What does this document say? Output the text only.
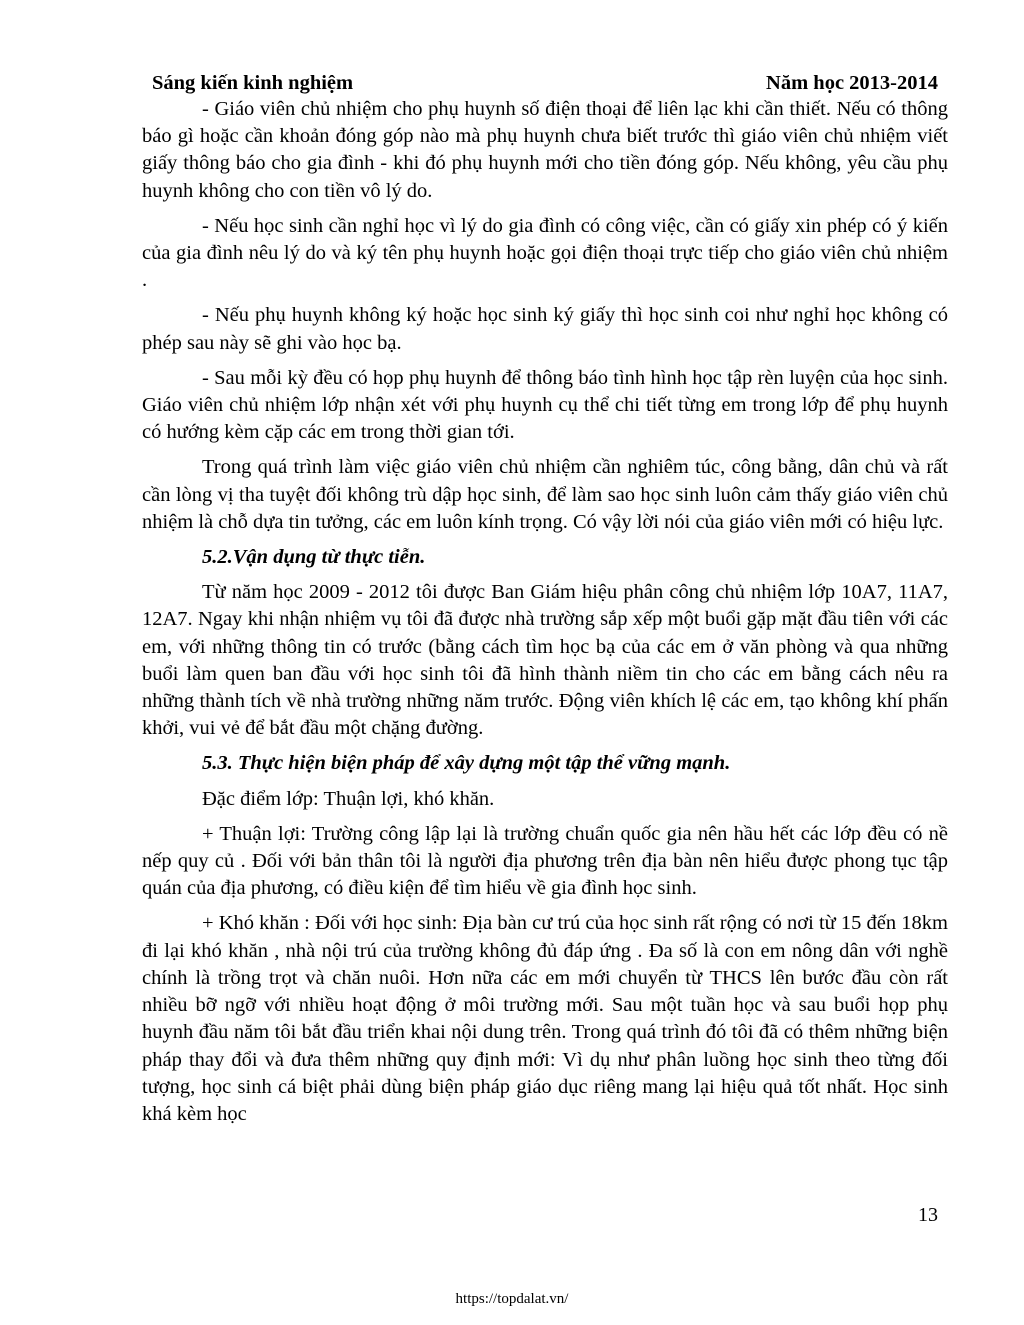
Sáng kiến kinh nghiệm	Năm học 2013-2014

- Giáo viên chủ nhiệm cho phụ huynh số điện thoại để liên lạc khi cần thiết. Nếu có thông báo gì hoặc cần khoản đóng góp nào mà phụ huynh chưa biết trước thì giáo viên chủ nhiệm viết giấy thông báo cho gia đình - khi đó phụ huynh mới cho tiền đóng góp. Nếu không, yêu cầu phụ huynh không cho con tiền vô lý do.

- Nếu học sinh cần nghỉ học vì lý do gia đình có công việc, cần có giấy xin phép có ý kiến của gia đình nêu lý do và ký tên phụ huynh hoặc gọi điện thoại trực tiếp cho giáo viên chủ nhiệm .

- Nếu phụ huynh không ký hoặc học sinh ký giấy thì học sinh coi như nghỉ học không có phép sau này sẽ ghi vào học bạ.

- Sau mỗi kỳ đều có họp phụ huynh để thông báo tình hình học tập rèn luyện của học sinh. Giáo viên chủ nhiệm lớp nhận xét với phụ huynh cụ thể chi tiết từng em trong lớp để phụ huynh có hướng kèm cặp các em trong thời gian tới.

Trong quá trình làm việc giáo viên chủ nhiệm cần nghiêm túc, công bằng, dân chủ và rất cần lòng vị tha tuyệt đối không trù dập học sinh, để làm sao học sinh luôn cảm thấy giáo viên chủ nhiệm là chỗ dựa tin tưởng, các em luôn kính trọng. Có vậy lời nói của giáo viên mới có hiệu lực.

5.2.Vận dụng từ thực tiễn.

Từ năm học 2009 - 2012 tôi được Ban Giám hiệu phân công chủ nhiệm lớp 10A7, 11A7, 12A7. Ngay khi nhận nhiệm vụ tôi đã được nhà trường sắp xếp một buổi gặp mặt đầu tiên với các em, với những thông tin có trước (bằng cách tìm học bạ của các em ở văn phòng và qua những buổi làm quen ban đầu với học sinh tôi đã hình thành niềm tin cho các em bằng cách nêu ra những thành tích về nhà trường những năm trước. Động viên khích lệ các em, tạo không khí phấn khởi, vui vẻ để bắt đầu một chặng đường.

5.3. Thực hiện biện pháp để xây dựng một tập thể vững mạnh.

Đặc điểm lớp: Thuận lợi, khó khăn.

+ Thuận lợi: Trường công lập lại là trường chuẩn quốc gia nên hầu hết các lớp đều có nề nếp quy củ . Đối với bản thân tôi là người địa phương trên địa bàn nên hiểu được phong tục tập quán của địa phương, có điều kiện để tìm hiểu về gia đình học sinh.

+ Khó khăn : Đối với học sinh: Địa bàn cư trú của học sinh rất rộng có nơi từ 15 đến 18km đi lại khó khăn , nhà nội trú của trường không đủ đáp ứng . Đa số là con em nông dân với nghề chính là trồng trọt và chăn nuôi. Hơn nữa các em mới chuyển từ THCS lên bước đầu còn rất nhiều bỡ ngỡ với nhiều hoạt động ở môi trường mới. Sau một tuần học và sau buổi họp phụ huynh đầu năm tôi bắt đầu triển khai nội dung trên. Trong quá trình đó tôi đã có thêm những biện pháp thay đổi và đưa thêm những quy định mới: Vì dụ như phân luồng học sinh theo từng đối tượng, học sinh cá biệt phải dùng biện pháp giáo dục riêng mang lại hiệu quả tốt nhất. Học sinh khá kèm học

13
https://topdalat.vn/
